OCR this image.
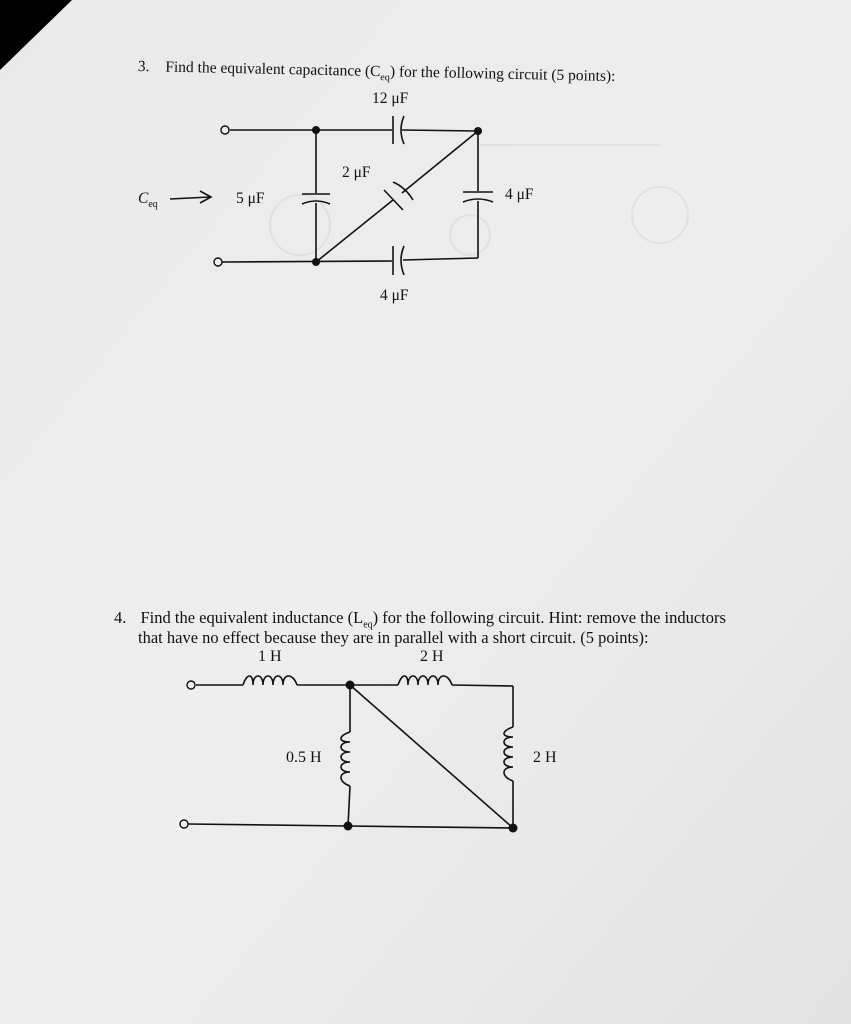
3. Find the equivalent capacitance $(C_{eq})$ for the following circuit (5 points):
12 μF
2 μF
5 μF	4 μF
4 μF
$C_{eq}$
4. Find the equivalent inductance $(L_{eq})$ for the following circuit. Hint: remove the inductors
that have no effect because they are in parallel with a short circuit. (5 points):
1 H	2 H
0.5 H	2 H
